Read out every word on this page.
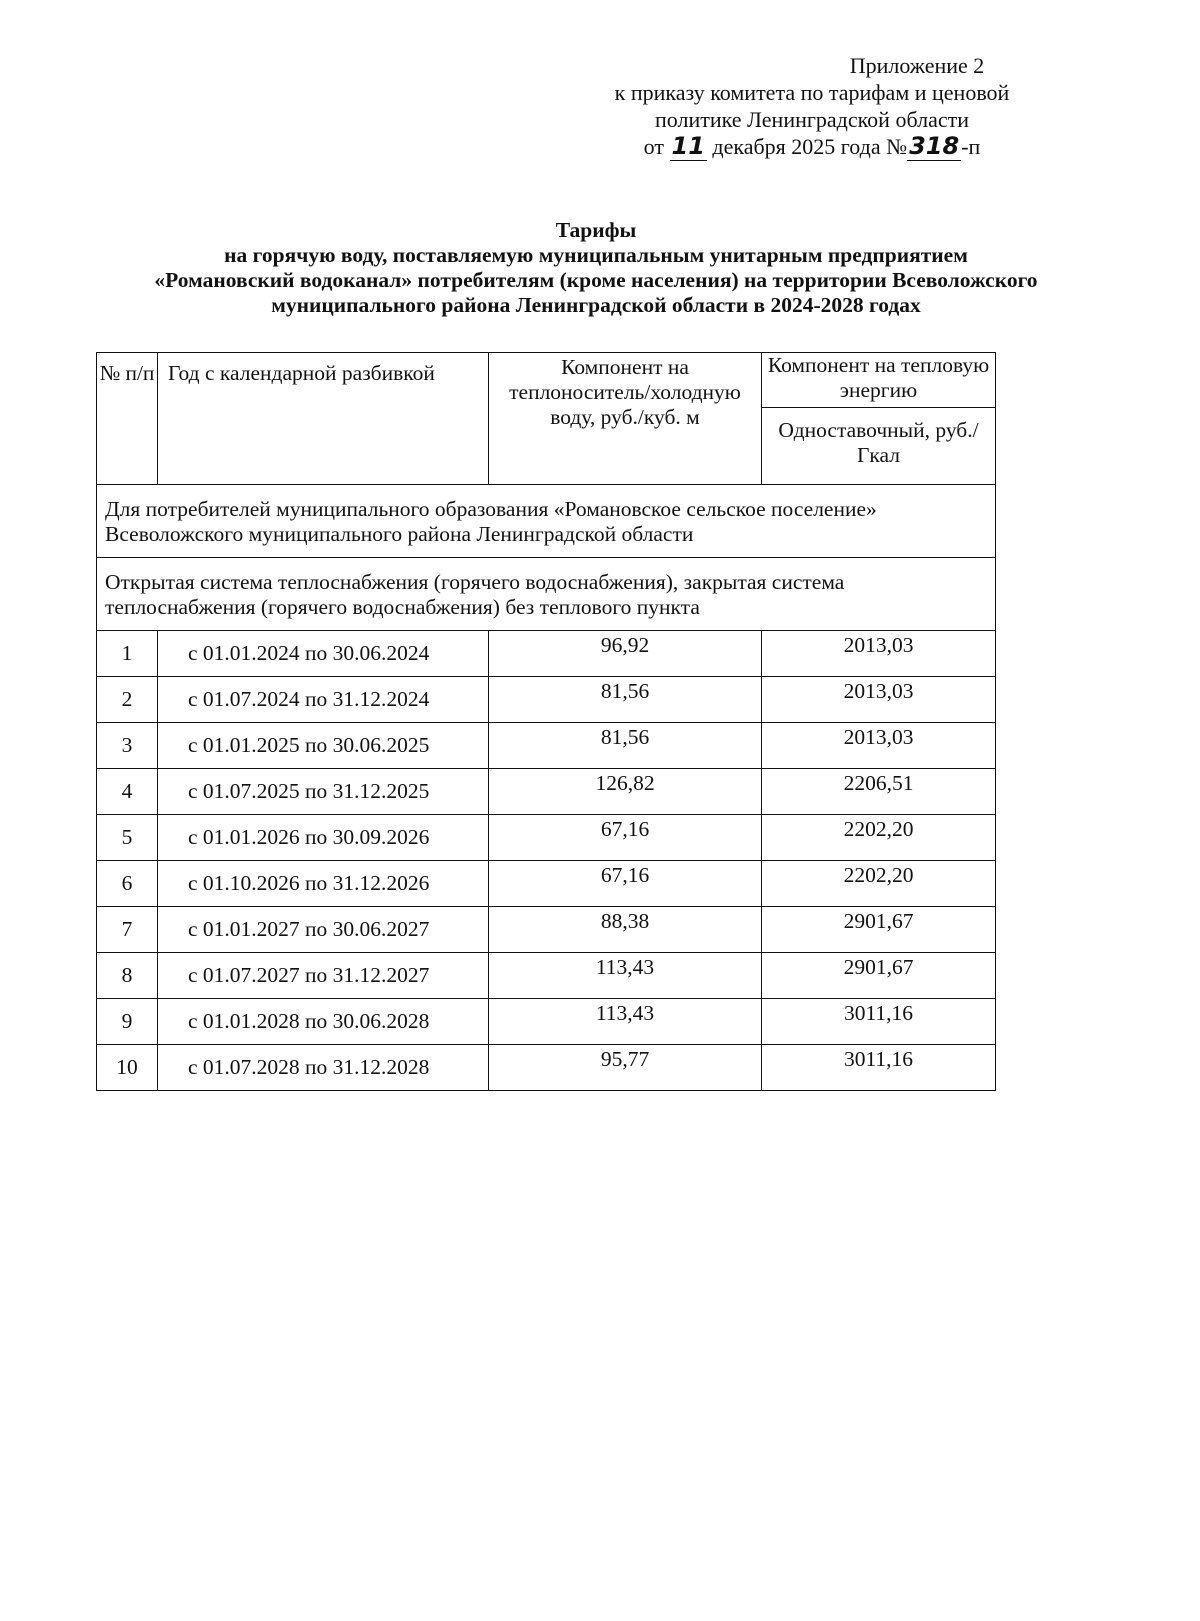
Приложение 2
к приказу комитета по тарифам и ценовой
политике Ленинградской области
от 11 декабря 2025 года №318-п
Тарифы
на горячую воду, поставляемую муниципальным унитарным предприятием
«Романовский водоканал» потребителям (кроме населения) на территории Всеволожского
муниципального района Ленинградской области в 2024-2028 годах
№ п/п	Год с календарной разбивкой	Компонент на теплоноситель/холодную воду, руб./куб. м	Компонент на тепловую энергию
			Одноставочный, руб./Гкал
Для потребителей муниципального образования «Романовское сельское поселение» Всеволожского муниципального района Ленинградской области			
Открытая система теплоснабжения (горячего водоснабжения), закрытая система теплоснабжения (горячего водоснабжения) без теплового пункта			
1	с 01.01.2024 по 30.06.2024	96,92	2013,03
2	с 01.07.2024 по 31.12.2024	81,56	2013,03
3	с 01.01.2025 по 30.06.2025	81,56	2013,03
4	с 01.07.2025 по 31.12.2025	126,82	2206,51
5	с 01.01.2026 по 30.09.2026	67,16	2202,20
6	с 01.10.2026 по 31.12.2026	67,16	2202,20
7	с 01.01.2027 по 30.06.2027	88,38	2901,67
8	с 01.07.2027 по 31.12.2027	113,43	2901,67
9	с 01.01.2028 по 30.06.2028	113,43	3011,16
10	с 01.07.2028 по 31.12.2028	95,77	3011,16
